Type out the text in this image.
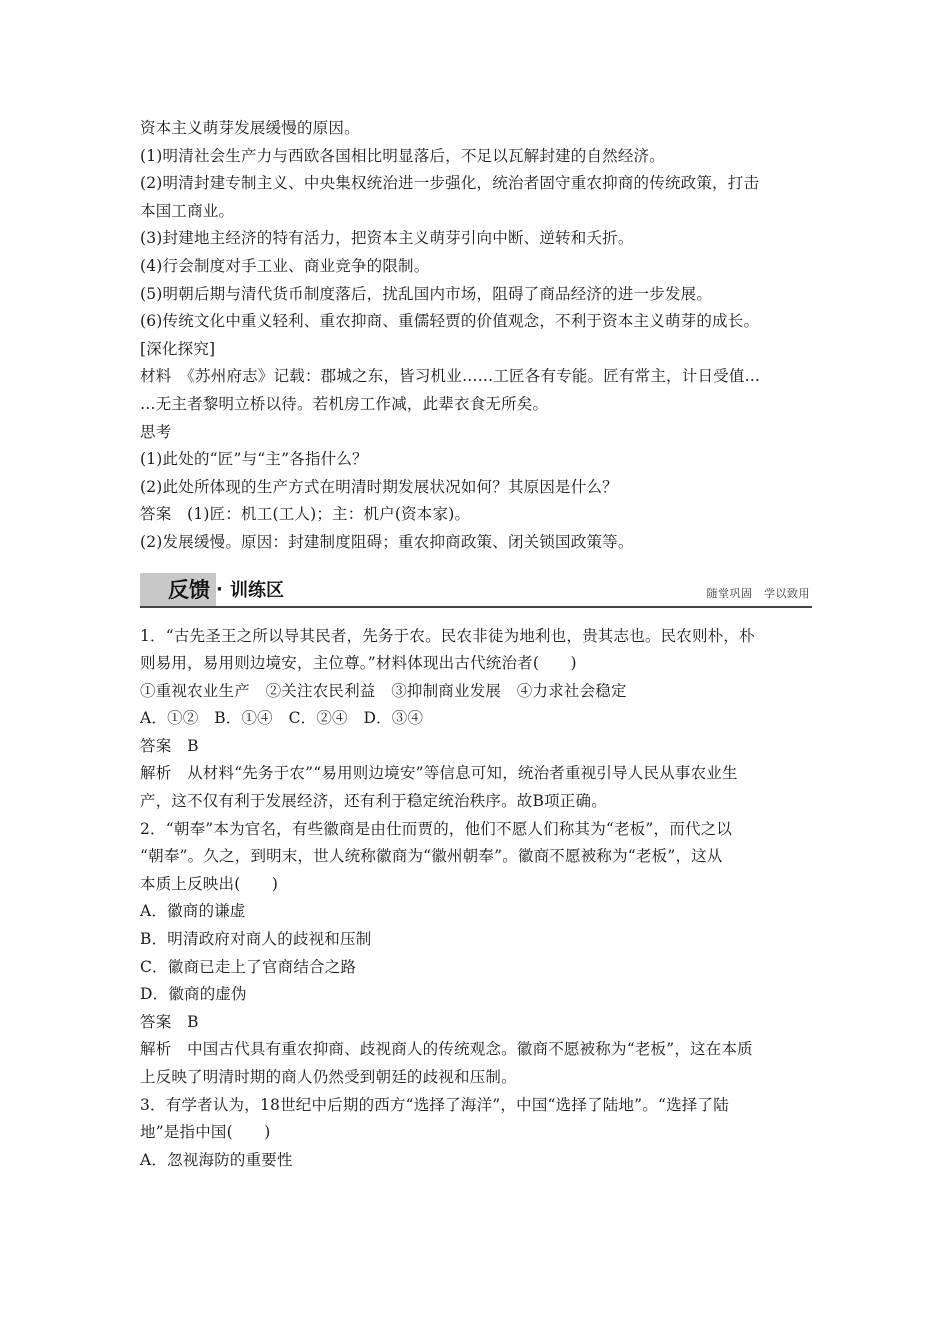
资本主义萌芽发展缓慢的原因。
(1)明清社会生产力与西欧各国相比明显落后，不足以瓦解封建的自然经济。
(2)明清封建专制主义、中央集权统治进一步强化，统治者固守重农抑商的传统政策，打击
本国工商业。
(3)封建地主经济的特有活力，把资本主义萌芽引向中断、逆转和夭折。
(4)行会制度对手工业、商业竞争的限制。
(5)明朝后期与清代货币制度落后，扰乱国内市场，阻碍了商品经济的进一步发展。
(6)传统文化中重义轻利、重农抑商、重儒轻贾的价值观念，不利于资本主义萌芽的成长。
[深化探究]
材料　《苏州府志》记载：郡城之东，皆习机业……工匠各有专能。匠有常主，计日受值…
…无主者黎明立桥以待。若机房工作减，此辈衣食无所矣。
思考
(1)此处的“匠”与“主”各指什么？
(2)此处所体现的生产方式在明清时期发展状况如何？其原因是什么？
答案　(1)匠：机工(工人)；主：机户(资本家)。
(2)发展缓慢。原因：封建制度阻碍；重农抑商政策、闭关锁国政策等。
反馈 · 训练区	随堂巩固　学以致用
1．“古先圣王之所以导其民者，先务于农。民农非徒为地利也，贵其志也。民农则朴，朴
则易用，易用则边境安，主位尊。”材料体现出古代统治者(　　)
①重视农业生产　②关注农民利益　③抑制商业发展　④力求社会稳定
A．①②　B．①④　C．②④　D．③④
答案　B
解析　从材料“先务于农”“易用则边境安”等信息可知，统治者重视引导人民从事农业生
产，这不仅有利于发展经济，还有利于稳定统治秩序。故B项正确。
2．“朝奉”本为官名，有些徽商是由仕而贾的，他们不愿人们称其为“老板”，而代之以
“朝奉”。久之，到明末，世人统称徽商为“徽州朝奉”。徽商不愿被称为“老板”，这从
本质上反映出(　　)
A．徽商的谦虚
B．明清政府对商人的歧视和压制
C．徽商已走上了官商结合之路
D．徽商的虚伪
答案　B
解析　中国古代具有重农抑商、歧视商人的传统观念。徽商不愿被称为“老板”，这在本质
上反映了明清时期的商人仍然受到朝廷的歧视和压制。
3．有学者认为，18世纪中后期的西方“选择了海洋”，中国“选择了陆地”。“选择了陆
地”是指中国(　　)
A．忽视海防的重要性
